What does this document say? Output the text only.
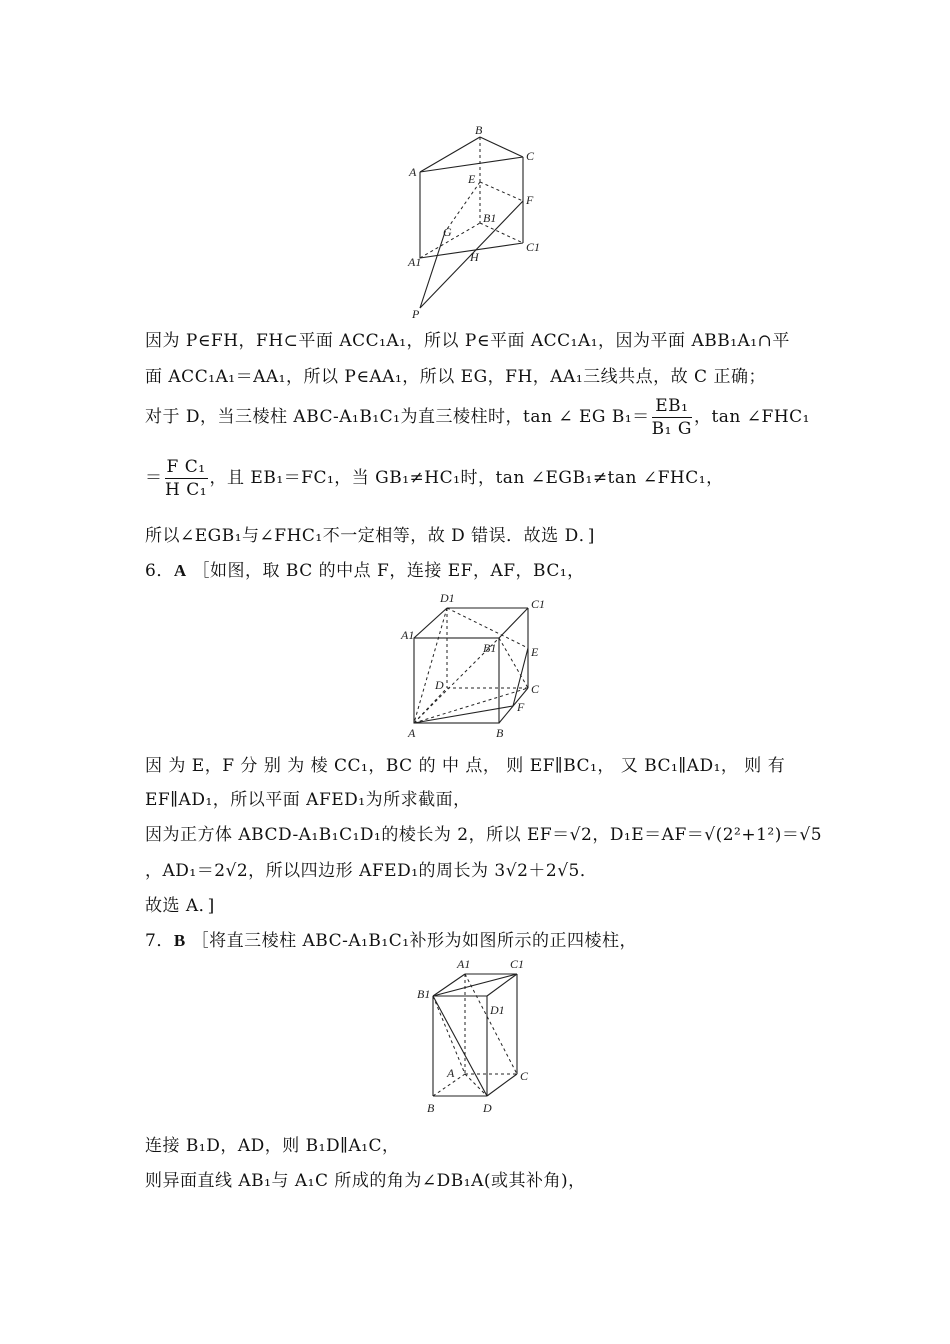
B
C
A	E
F
B1
G
C1
A1	H
P
因为 P∈FH，FH⊂平面 ACC₁A₁，所以 P∈平面 ACC₁A₁，因为平面 ABB₁A₁∩平
面 ACC₁A₁＝AA₁，所以 P∈AA₁，所以 EG，FH，AA₁三线共点，故 C 正确；
对于 D，当三棱柱 ABC-A₁B₁C₁为直三棱柱时，tan ∠ EG $B_1= \frac{\text{EB₁}}{\text{B₁ G}}$ ，tan ∠FHC₁
＝ $\frac{\text{F C₁}}{\text{H C₁}}$ ，且 EB₁＝FC₁，当 GB₁≠HC₁时，tan ∠EGB₁≠tan ∠FHC₁，
所以∠EGB₁与∠FHC₁不一定相等，故 D 错误．故选 D．]
6．A ［如图，取 BC 的中点 F，连接 EF，AF，BC₁，
D1	C1
A1
B1	E
D	C
F
A	B
因 为 E，F 分 别 为 棱 CC₁，BC 的 中 点， 则 EF∥BC₁， 又 BC₁∥AD₁， 则 有
EF∥AD₁，所以平面 AFED₁为所求截面，
因为正方体 ABCD-A₁B₁C₁D₁的棱长为 2，所以 EF＝√2，D₁E＝AF＝√(2²+1²)＝√5
，AD₁＝2√2，所以四边形 AFED₁的周长为 3√2＋2√5．
故选 A．]
7．B ［将直三棱柱 ABC-A₁B₁C₁补形为如图所示的正四棱柱，
A1	C1
B1
D1
A	C
B	D
连接 B₁D，AD，则 B₁D∥A₁C，
则异面直线 AB₁与 A₁C 所成的角为∠DB₁A(或其补角)，
